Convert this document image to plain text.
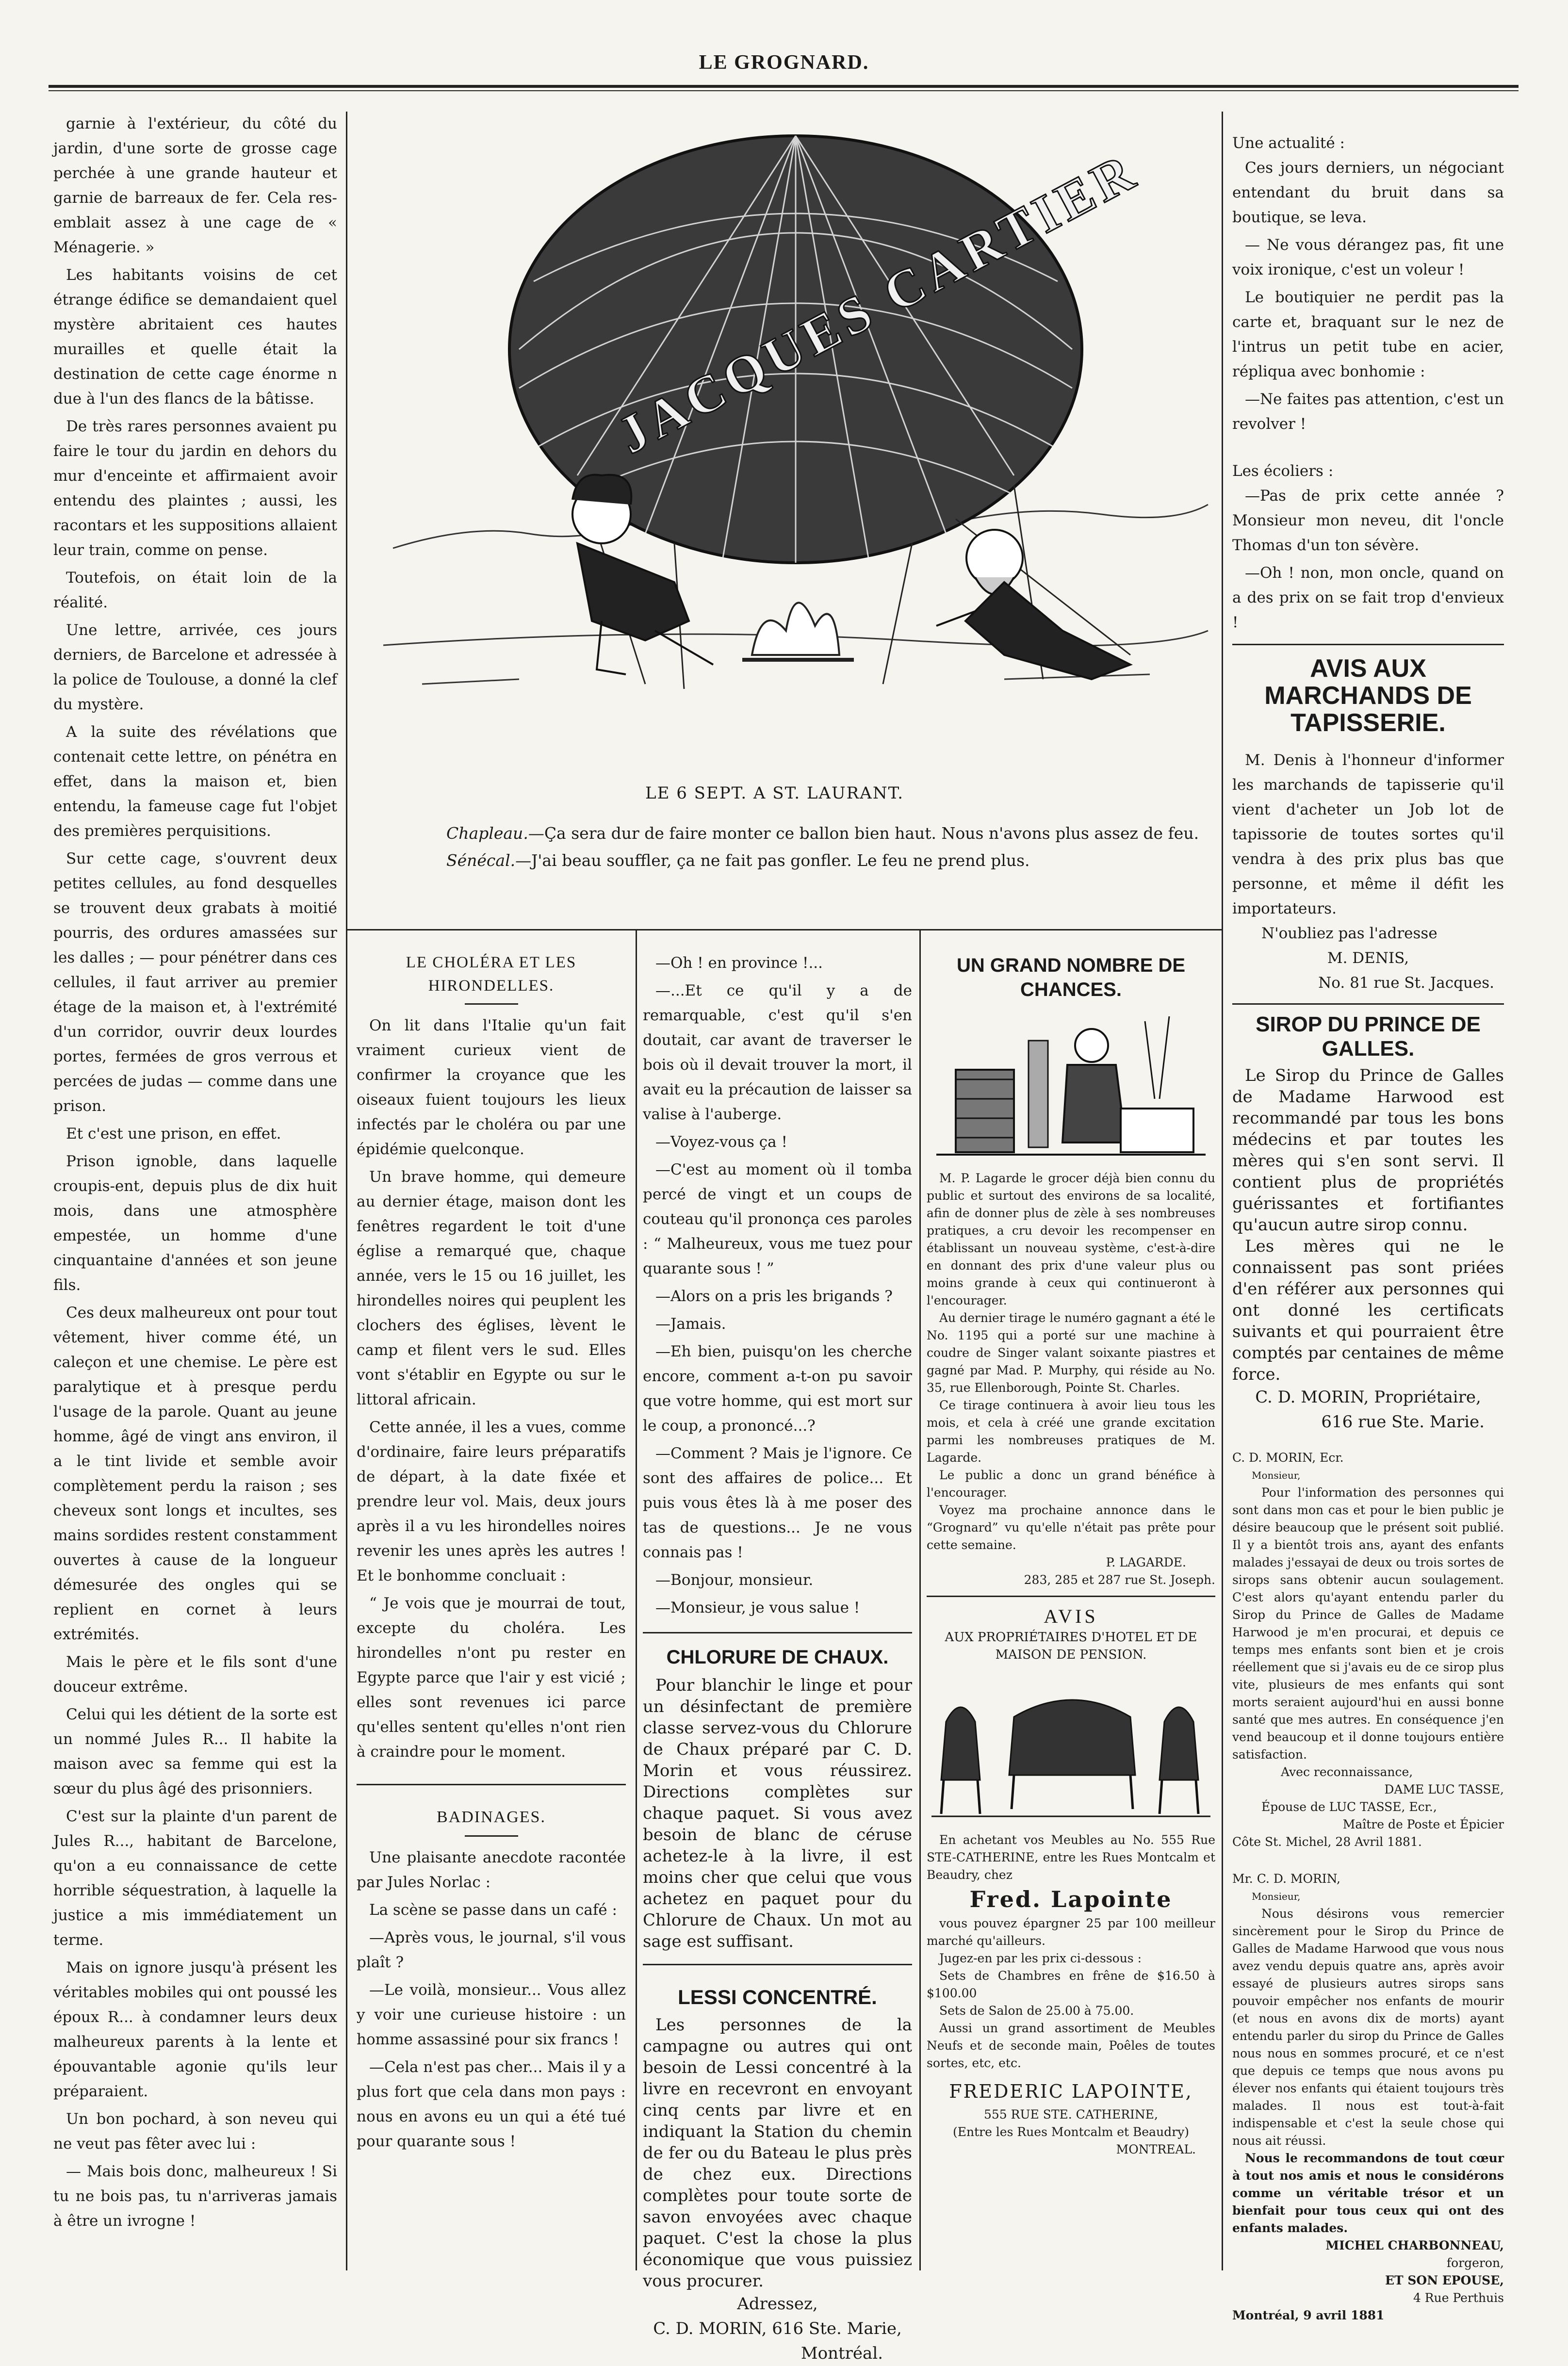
LE GROGNARD.

garnie à l'extérieur, du côté du jardin, d'une sorte de grosse cage perchée à une grande hauteur et garnie de barreaux de fer. Cela res-emblait assez à une cage de « Ménagerie. »

Les habitants voisins de cet étrange édifice se demandaient quel mystère abritaient ces hautes murailles et quelle était la destination de cette cage énorme n due à l'un des flancs de la bâtisse.

De très rares personnes avaient pu faire le tour du jardin en dehors du mur d'enceinte et affirmaient avoir entendu des plaintes ; aussi, les racontars et les suppositions allaient leur train, comme on pense.

Toutefois, on était loin de la réalité.

Une lettre, arrivée, ces jours derniers, de Barcelone et adressée à la police de Toulouse, a donné la clef du mystère.

A la suite des révélations que contenait cette lettre, on pénétra en effet, dans la maison et, bien entendu, la fameuse cage fut l'objet des premières perquisitions.

Sur cette cage, s'ouvrent deux petites cellules, au fond desquelles se trouvent deux grabats à moitié pourris, des ordures amassées sur les dalles ; — pour pénétrer dans ces cellules, il faut arriver au premier étage de la maison et, à l'extrémité d'un corridor, ouvrir deux lourdes portes, fermées de gros verrous et percées de judas — comme dans une prison.

Et c'est une prison, en effet.

Prison ignoble, dans laquelle croupis-ent, depuis plus de dix huit mois, dans une atmosphère empestée, un homme d'une cinquantaine d'années et son jeune fils.

Ces deux malheureux ont pour tout vêtement, hiver comme été, un caleçon et une chemise. Le père est paralytique et à presque perdu l'usage de la parole. Quant au jeune homme, âgé de vingt ans environ, il a le tint livide et semble avoir complètement perdu la raison ; ses cheveux sont longs et incultes, ses mains sordides restent constamment ouvertes à cause de la longueur démesurée des ongles qui se replient en cornet à leurs extrémités.

Mais le père et le fils sont d'une douceur extrême.

Celui qui les détient de la sorte est un nommé Jules R... Il habite la maison avec sa femme qui est la sœur du plus âgé des prisonniers.

C'est sur la plainte d'un parent de Jules R..., habitant de Barcelone, qu'on a eu connaissance de cette horrible séquestration, à laquelle la justice a mis immédiatement un terme.

Mais on ignore jusqu'à présent les véritables mobiles qui ont poussé les époux R... à condamner leurs deux malheureux parents à la lente et épouvantable agonie qu'ils leur préparaient.

Un bon pochard, à son neveu qui ne veut pas fêter avec lui :

— Mais bois donc, malheureux ! Si tu ne bois pas, tu n'arriveras jamais à être un ivrogne !

JACQUES CARTIER
LE 6 SEPT. A ST. LAURANT.
Chapleau.—Ça sera dur de faire monter ce ballon bien haut. Nous n'avons plus assez de feu.
Sénécal.—J'ai beau souffler, ça ne fait pas gonfler. Le feu ne prend plus.
Une actualité :

Ces jours derniers, un négociant entendant du bruit dans sa boutique, se leva.

— Ne vous dérangez pas, fit une voix ironique, c'est un voleur !

Le boutiquier ne perdit pas la carte et, braquant sur le nez de l'intrus un petit tube en acier, répliqua avec bonhomie :

—Ne faites pas attention, c'est un revolver !

Les écoliers :

—Pas de prix cette année ? Monsieur mon neveu, dit l'oncle Thomas d'un ton sévère.

—Oh ! non, mon oncle, quand on a des prix on se fait trop d'envieux !

AVIS AUX MARCHANDS DE TAPISSERIE.

M. Denis à l'honneur d'informer les marchands de tapisserie qu'il vient d'acheter un Job lot de tapissorie de toutes sortes qu'il vendra à des prix plus bas que personne, et même il défit les importateurs.

N'oubliez pas l'adresse
M. DENIS,
No. 81 rue St. Jacques.
SIROP DU PRINCE DE GALLES.

Le Sirop du Prince de Galles de Madame Harwood est recommandé par tous les bons médecins et par toutes les mères qui s'en sont servi. Il contient plus de propriétés guérissantes et fortifiantes qu'aucun autre sirop connu.

Les mères qui ne le connaissent pas sont priées d'en référer aux personnes qui ont donné les certificats suivants et qui pourraient être comptés par centaines de même force.

C. D. MORIN, Propriétaire,
616 rue Ste. Marie.
C. D. MORIN, Ecr.
Monsieur,

Pour l'information des personnes qui sont dans mon cas et pour le bien public je désire beaucoup que le présent soit publié. Il y a bientôt trois ans, ayant des enfants malades j'essayai de deux ou trois sortes de sirops sans obtenir aucun soulagement. C'est alors qu'ayant entendu parler du Sirop du Prince de Galles de Madame Harwood je m'en procurai, et depuis ce temps mes enfants sont bien et je crois réellement que si j'avais eu de ce sirop plus vite, plusieurs de mes enfants qui sont morts seraient aujourd'hui en aussi bonne santé que mes autres. En conséquence j'en vend beaucoup et il donne toujours entière satisfaction.

Avec reconnaissance,
DAME LUC TASSE,
Épouse de LUC TASSE, Ecr.,
Maître de Poste et Épicier
Côte St. Michel, 28 Avril 1881.
Mr. C. D. MORIN,
Monsieur,

Nous désirons vous remercier sincèrement pour le Sirop du Prince de Galles de Madame Harwood que vous nous avez vendu depuis quatre ans, après avoir essayé de plusieurs autres sirops sans pouvoir empêcher nos enfants de mourir (et nous en avons dix de morts) ayant entendu parler du sirop du Prince de Galles nous nous en sommes procuré, et ce n'est que depuis ce temps que nous avons pu élever nos enfants qui étaient toujours très malades. Il nous est tout-à-fait indispensable et c'est la seule chose qui nous ait réussi.

Nous le recommandons de tout cœur à tout nos amis et nous le considérons comme un véritable trésor et un bienfait pour tous ceux qui ont des enfants malades.

MICHEL CHARBONNEAU,
forgeron,
ET SON EPOUSE,
4 Rue Perthuis
Montréal, 9 avril 1881
LE CHOLÉRA ET LES HIRONDELLES.

On lit dans l'Italie qu'un fait vraiment curieux vient de confirmer la croyance que les oiseaux fuient toujours les lieux infectés par le choléra ou par une épidémie quelconque.

Un brave homme, qui demeure au dernier étage, maison dont les fenêtres regardent le toit d'une église a remarqué que, chaque année, vers le 15 ou 16 juillet, les hirondelles noires qui peuplent les clochers des églises, lèvent le camp et filent vers le sud. Elles vont s'établir en Egypte ou sur le littoral africain.

Cette année, il les a vues, comme d'ordinaire, faire leurs préparatifs de départ, à la date fixée et prendre leur vol. Mais, deux jours après il a vu les hirondelles noires revenir les unes après les autres ! Et le bonhomme concluait :

“ Je vois que je mourrai de tout, excepte du choléra. Les hirondelles n'ont pu rester en Egypte parce que l'air y est vicié ; elles sont revenues ici parce qu'elles sentent qu'elles n'ont rien à craindre pour le moment.

BADINAGES.

Une plaisante anecdote racontée par Jules Norlac :

La scène se passe dans un café :

—Après vous, le journal, s'il vous plaît ?

—Le voilà, monsieur... Vous allez y voir une curieuse histoire : un homme assassiné pour six francs !

—Cela n'est pas cher... Mais il y a plus fort que cela dans mon pays : nous en avons eu un qui a été tué pour quarante sous !

—Oh ! en province !...

—...Et ce qu'il y a de remarquable, c'est qu'il s'en doutait, car avant de traverser le bois où il devait trouver la mort, il avait eu la précaution de laisser sa valise à l'auberge.

—Voyez-vous ça !

—C'est au moment où il tomba percé de vingt et un coups de couteau qu'il prononça ces paroles : “ Malheureux, vous me tuez pour quarante sous ! ”

—Alors on a pris les brigands ?

—Jamais.

—Eh bien, puisqu'on les cherche encore, comment a-t-on pu savoir que votre homme, qui est mort sur le coup, a prononcé...?

—Comment ? Mais je l'ignore. Ce sont des affaires de police... Et puis vous êtes là à me poser des tas de questions... Je ne vous connais pas !

—Bonjour, monsieur.

—Monsieur, je vous salue !

CHLORURE DE CHAUX.

Pour blanchir le linge et pour un désinfectant de première classe servez-vous du Chlorure de Chaux préparé par C. D. Morin et vous réussirez. Directions complètes sur chaque paquet. Si vous avez besoin de blanc de céruse achetez-le à la livre, il est moins cher que celui que vous achetez en paquet pour du Chlorure de Chaux. Un mot au sage est suffisant.

LESSI CONCENTRÉ.

Les personnes de la campagne ou autres qui ont besoin de Lessi concentré à la livre en recevront en envoyant cinq cents par livre et en indiquant la Station du chemin de fer ou du Bateau le plus près de chez eux. Directions complètes pour toute sorte de savon envoyées avec chaque paquet. C'est la chose la plus économique que vous puissiez vous procurer.

Adressez,
C. D. MORIN, 616 Ste. Marie,
Montréal.
UN GRAND NOMBRE DE CHANCES.

M. P. Lagarde le grocer déjà bien connu du public et surtout des environs de sa localité, afin de donner plus de zèle à ses nombreuses pratiques, a cru devoir les recompenser en établissant un nouveau système, c'est-à-dire en donnant des prix d'une valeur plus ou moins grande à ceux qui continueront à l'encourager.

Au dernier tirage le numéro gagnant a été le No. 1195 qui a porté sur une machine à coudre de Singer valant soixante piastres et gagné par Mad. P. Murphy, qui réside au No. 35, rue Ellenborough, Pointe St. Charles.

Ce tirage continuera à avoir lieu tous les mois, et cela à créé une grande excitation parmi les nombreuses pratiques de M. Lagarde.

Le public a donc un grand bénéfice à l'encourager.

Voyez ma prochaine annonce dans le “Grognard” vu qu'elle n'était pas prête pour cette semaine.

P. LAGARDE.
283, 285 et 287 rue St. Joseph.
AVIS
AUX PROPRIÉTAIRES D'HOTEL ET DE MAISON DE PENSION.

En achetant vos Meubles au No. 555 Rue STE-CATHERINE, entre les Rues Montcalm et Beaudry, chez

Fred. Lapointe

vous pouvez épargner 25 par 100 meilleur marché qu'ailleurs.

Jugez-en par les prix ci-dessous :

Sets de Chambres en frêne de $16.50 à $100.00

Sets de Salon de 25.00 à 75.00.

Aussi un grand assortiment de Meubles Neufs et de seconde main, Poêles de toutes sortes, etc, etc.

FREDERIC LAPOINTE,
555 RUE STE. CATHERINE,
(Entre les Rues Montcalm et Beaudry)
MONTREAL.
